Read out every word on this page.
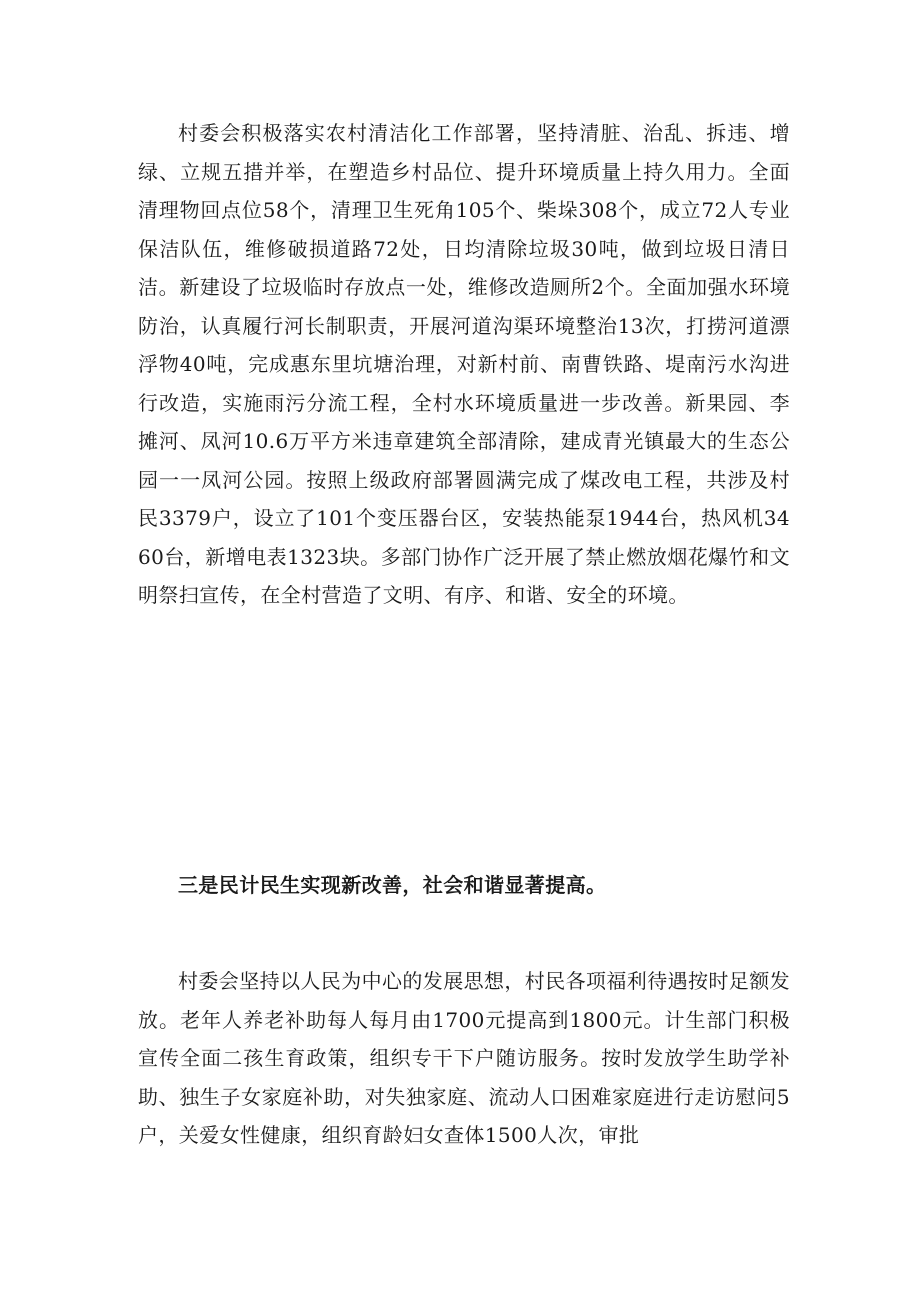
村委会积极落实农村清洁化工作部署，坚持清脏、治乱、拆违、增绿、立规五措并举，在塑造乡村品位、提升环境质量上持久用力。全面清理物回点位58个，清理卫生死角105个、柴垛308个，成立72人专业保洁队伍，维修破损道路72处，日均清除垃圾30吨，做到垃圾日清日洁。新建设了垃圾临时存放点一处，维修改造厕所2个。全面加强水环境防治，认真履行河长制职责，开展河道沟渠环境整治13次，打捞河道漂浮物40吨，完成惠东里坑塘治理，对新村前、南曹铁路、堤南污水沟进行改造，实施雨污分流工程，全村水环境质量进一步改善。新果园、李摊河、凤河10.6万平方米违章建筑全部清除，建成青光镇最大的生态公园一一凤河公园。按照上级政府部署圆满完成了煤改电工程，共涉及村民3379户，设立了101个变压器台区，安装热能泵1944台，热风机3460台，新增电表1323块。多部门协作广泛开展了禁止燃放烟花爆竹和文明祭扫宣传，在全村营造了文明、有序、和谐、安全的环境。

三是民计民生实现新改善，社会和谐显著提高。

村委会坚持以人民为中心的发展思想，村民各项福利待遇按时足额发放。老年人养老补助每人每月由1700元提高到1800元。计生部门积极宣传全面二孩生育政策，组织专干下户随访服务。按时发放学生助学补助、独生子女家庭补助，对失独家庭、流动人口困难家庭进行走访慰问5户，关爱女性健康，组织育龄妇女查体1500人次，审批
